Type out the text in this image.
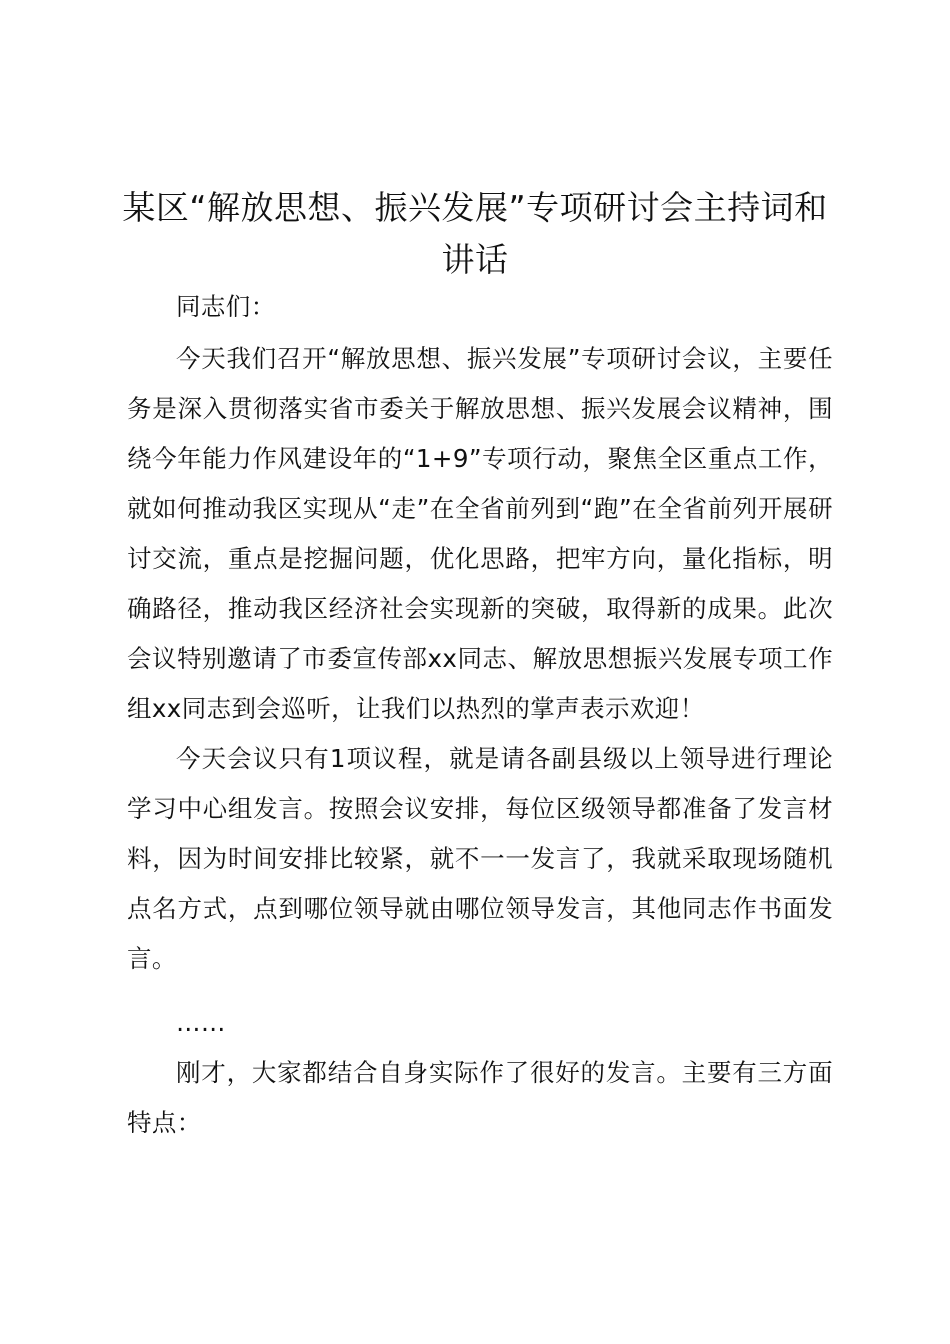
某区“解放思想、振兴发展”专项研讨会主持词和讲话

同志们：

今天我们召开“解放思想、振兴发展”专项研讨会议，主要任务是深入贯彻落实省市委关于解放思想、振兴发展会议精神，围绕今年能力作风建设年的“1+9”专项行动，聚焦全区重点工作，就如何推动我区实现从“走”在全省前列到“跑”在全省前列开展研讨交流，重点是挖掘问题，优化思路，把牢方向，量化指标，明确路径，推动我区经济社会实现新的突破，取得新的成果。此次会议特别邀请了市委宣传部xx同志、解放思想振兴发展专项工作组xx同志到会巡听，让我们以热烈的掌声表示欢迎！

今天会议只有1项议程，就是请各副县级以上领导进行理论学习中心组发言。按照会议安排，每位区级领导都准备了发言材料，因为时间安排比较紧，就不一一发言了，我就采取现场随机点名方式，点到哪位领导就由哪位领导发言，其他同志作书面发言。

……

刚才，大家都结合自身实际作了很好的发言。主要有三方面特点：
